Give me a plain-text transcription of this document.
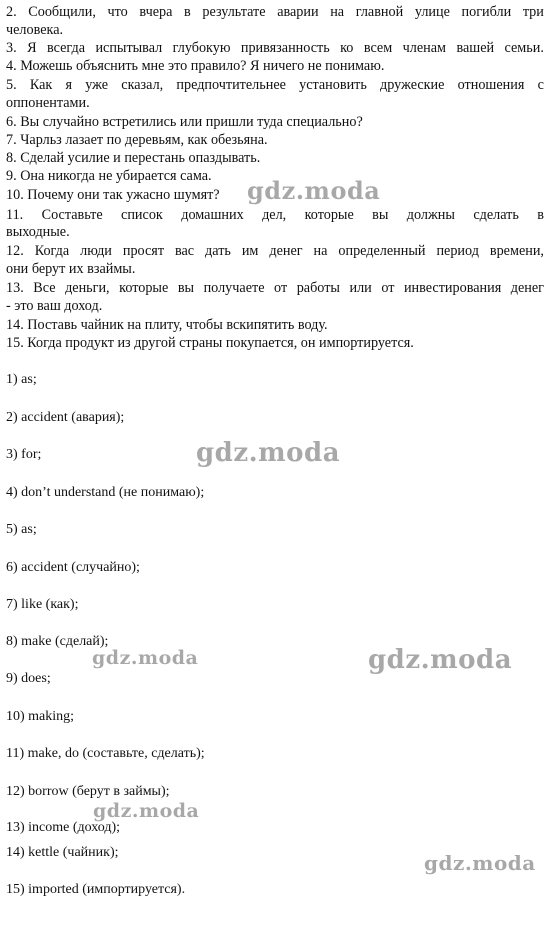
2. Сообщили, что вчера в результате аварии на главной улице погибли три
человека.
3. Я всегда испытывал глубокую привязанность ко всем членам вашей семьи.
4. Можешь объяснить мне это правило? Я ничего не понимаю.
5. Как я уже сказал, предпочтительнее установить дружеские отношения с
оппонентами.
6. Вы случайно встретились или пришли туда специально?
7. Чарльз лазает по деревьям, как обезьяна.
8. Сделай усилие и перестань опаздывать.
9. Она никогда не убирается сама.
10. Почему они так ужасно шумят?
11. Составьте список домашних дел, которые вы должны сделать в
выходные.
12. Когда люди просят вас дать им денег на определенный период времени,
они берут их взаймы.
13. Все деньги, которые вы получаете от работы или от инвестирования денег
- это ваш доход.
14. Поставь чайник на плиту, чтобы вскипятить воду.
15. Когда продукт из другой страны покупается, он импортируется.
1) as;
2) accident (авария);
3) for;
4) don’t understand (не понимаю);
5) as;
6) accident (случайно);
7) like (как);
8) make (сделай);
9) does;
10) making;
11) make, do (составьте, сделать);
12) borrow (берут в займы);
13) income (доход);
14) kettle (чайник);
15) imported (импортируется).
gdz.moda
gdz.moda
gdz.moda	gdz.moda
gdz.moda
gdz.moda
